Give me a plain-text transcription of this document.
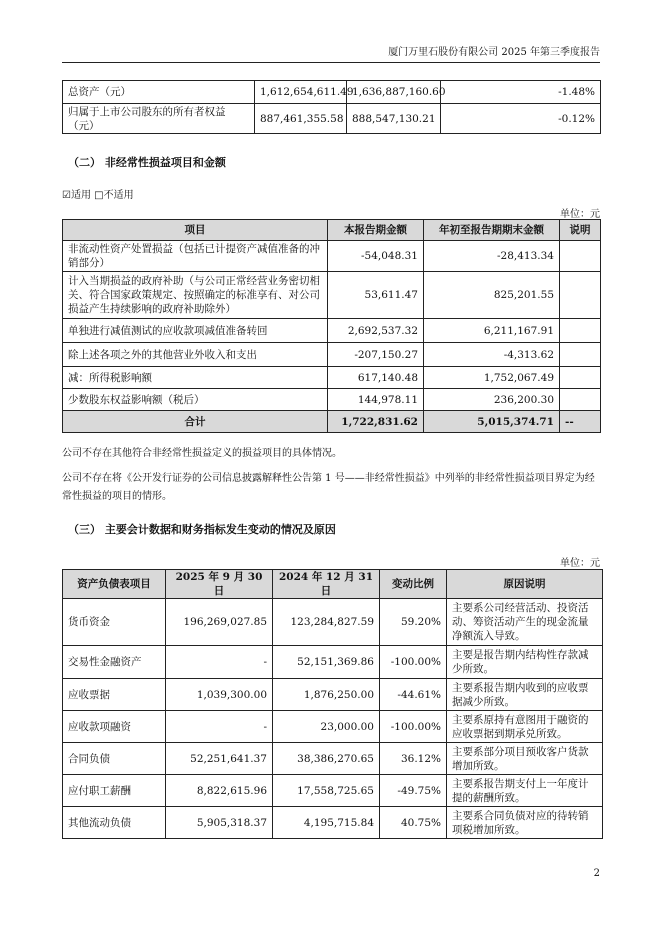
厦门万里石股份有限公司 2025 年第三季度报告
总资产（元）	1,612,654,611.49	1,636,887,160.60	-1.48%
归属于上市公司股东的所有者权益（元）	887,461,355.58	888,547,130.21	-0.12%
（二） 非经常性损益项目和金额
☑适用 □不适用
单位：元
项目	本报告期金额	年初至报告期期末金额	说明
非流动性资产处置损益（包括已计提资产减值准备的冲销部分）	-54,048.31	-28,413.34	
计入当期损益的政府补助（与公司正常经营业务密切相关、符合国家政策规定、按照确定的标准享有、对公司损益产生持续影响的政府补助除外）	53,611.47	825,201.55	
单独进行减值测试的应收款项减值准备转回	2,692,537.32	6,211,167.91	
除上述各项之外的其他营业外收入和支出	-207,150.27	-4,313.62	
减：所得税影响额	617,140.48	1,752,067.49	
少数股东权益影响额（税后）	144,978.11	236,200.30	
合计	1,722,831.62	5,015,374.71	--
公司不存在其他符合非经常性损益定义的损益项目的具体情况。
公司不存在将《公开发行证券的公司信息披露解释性公告第 1 号——非经常性损益》中列举的非经常性损益项目界定为经常性损益的项目的情形。
（三） 主要会计数据和财务指标发生变动的情况及原因
单位：元
资产负债表项目	2025 年 9 月 30 日	2024 年 12 月 31 日	变动比例	原因说明
货币资金	196,269,027.85	123,284,827.59	59.20%	主要系公司经营活动、投资活动、筹资活动产生的现金流量净额流入导致。
交易性金融资产	-	52,151,369.86	-100.00%	主要是报告期内结构性存款减少所致。
应收票据	1,039,300.00	1,876,250.00	-44.61%	主要系报告期内收到的应收票据减少所致。
应收款项融资	-	23,000.00	-100.00%	主要系原持有意图用于融资的应收票据到期承兑所致。
合同负债	52,251,641.37	38,386,270.65	36.12%	主要系部分项目预收客户货款增加所致。
应付职工薪酬	8,822,615.96	17,558,725.65	-49.75%	主要系报告期支付上一年度计提的薪酬所致。
其他流动负债	5,905,318.37	4,195,715.84	40.75%	主要系合同负债对应的待转销项税增加所致。
2
